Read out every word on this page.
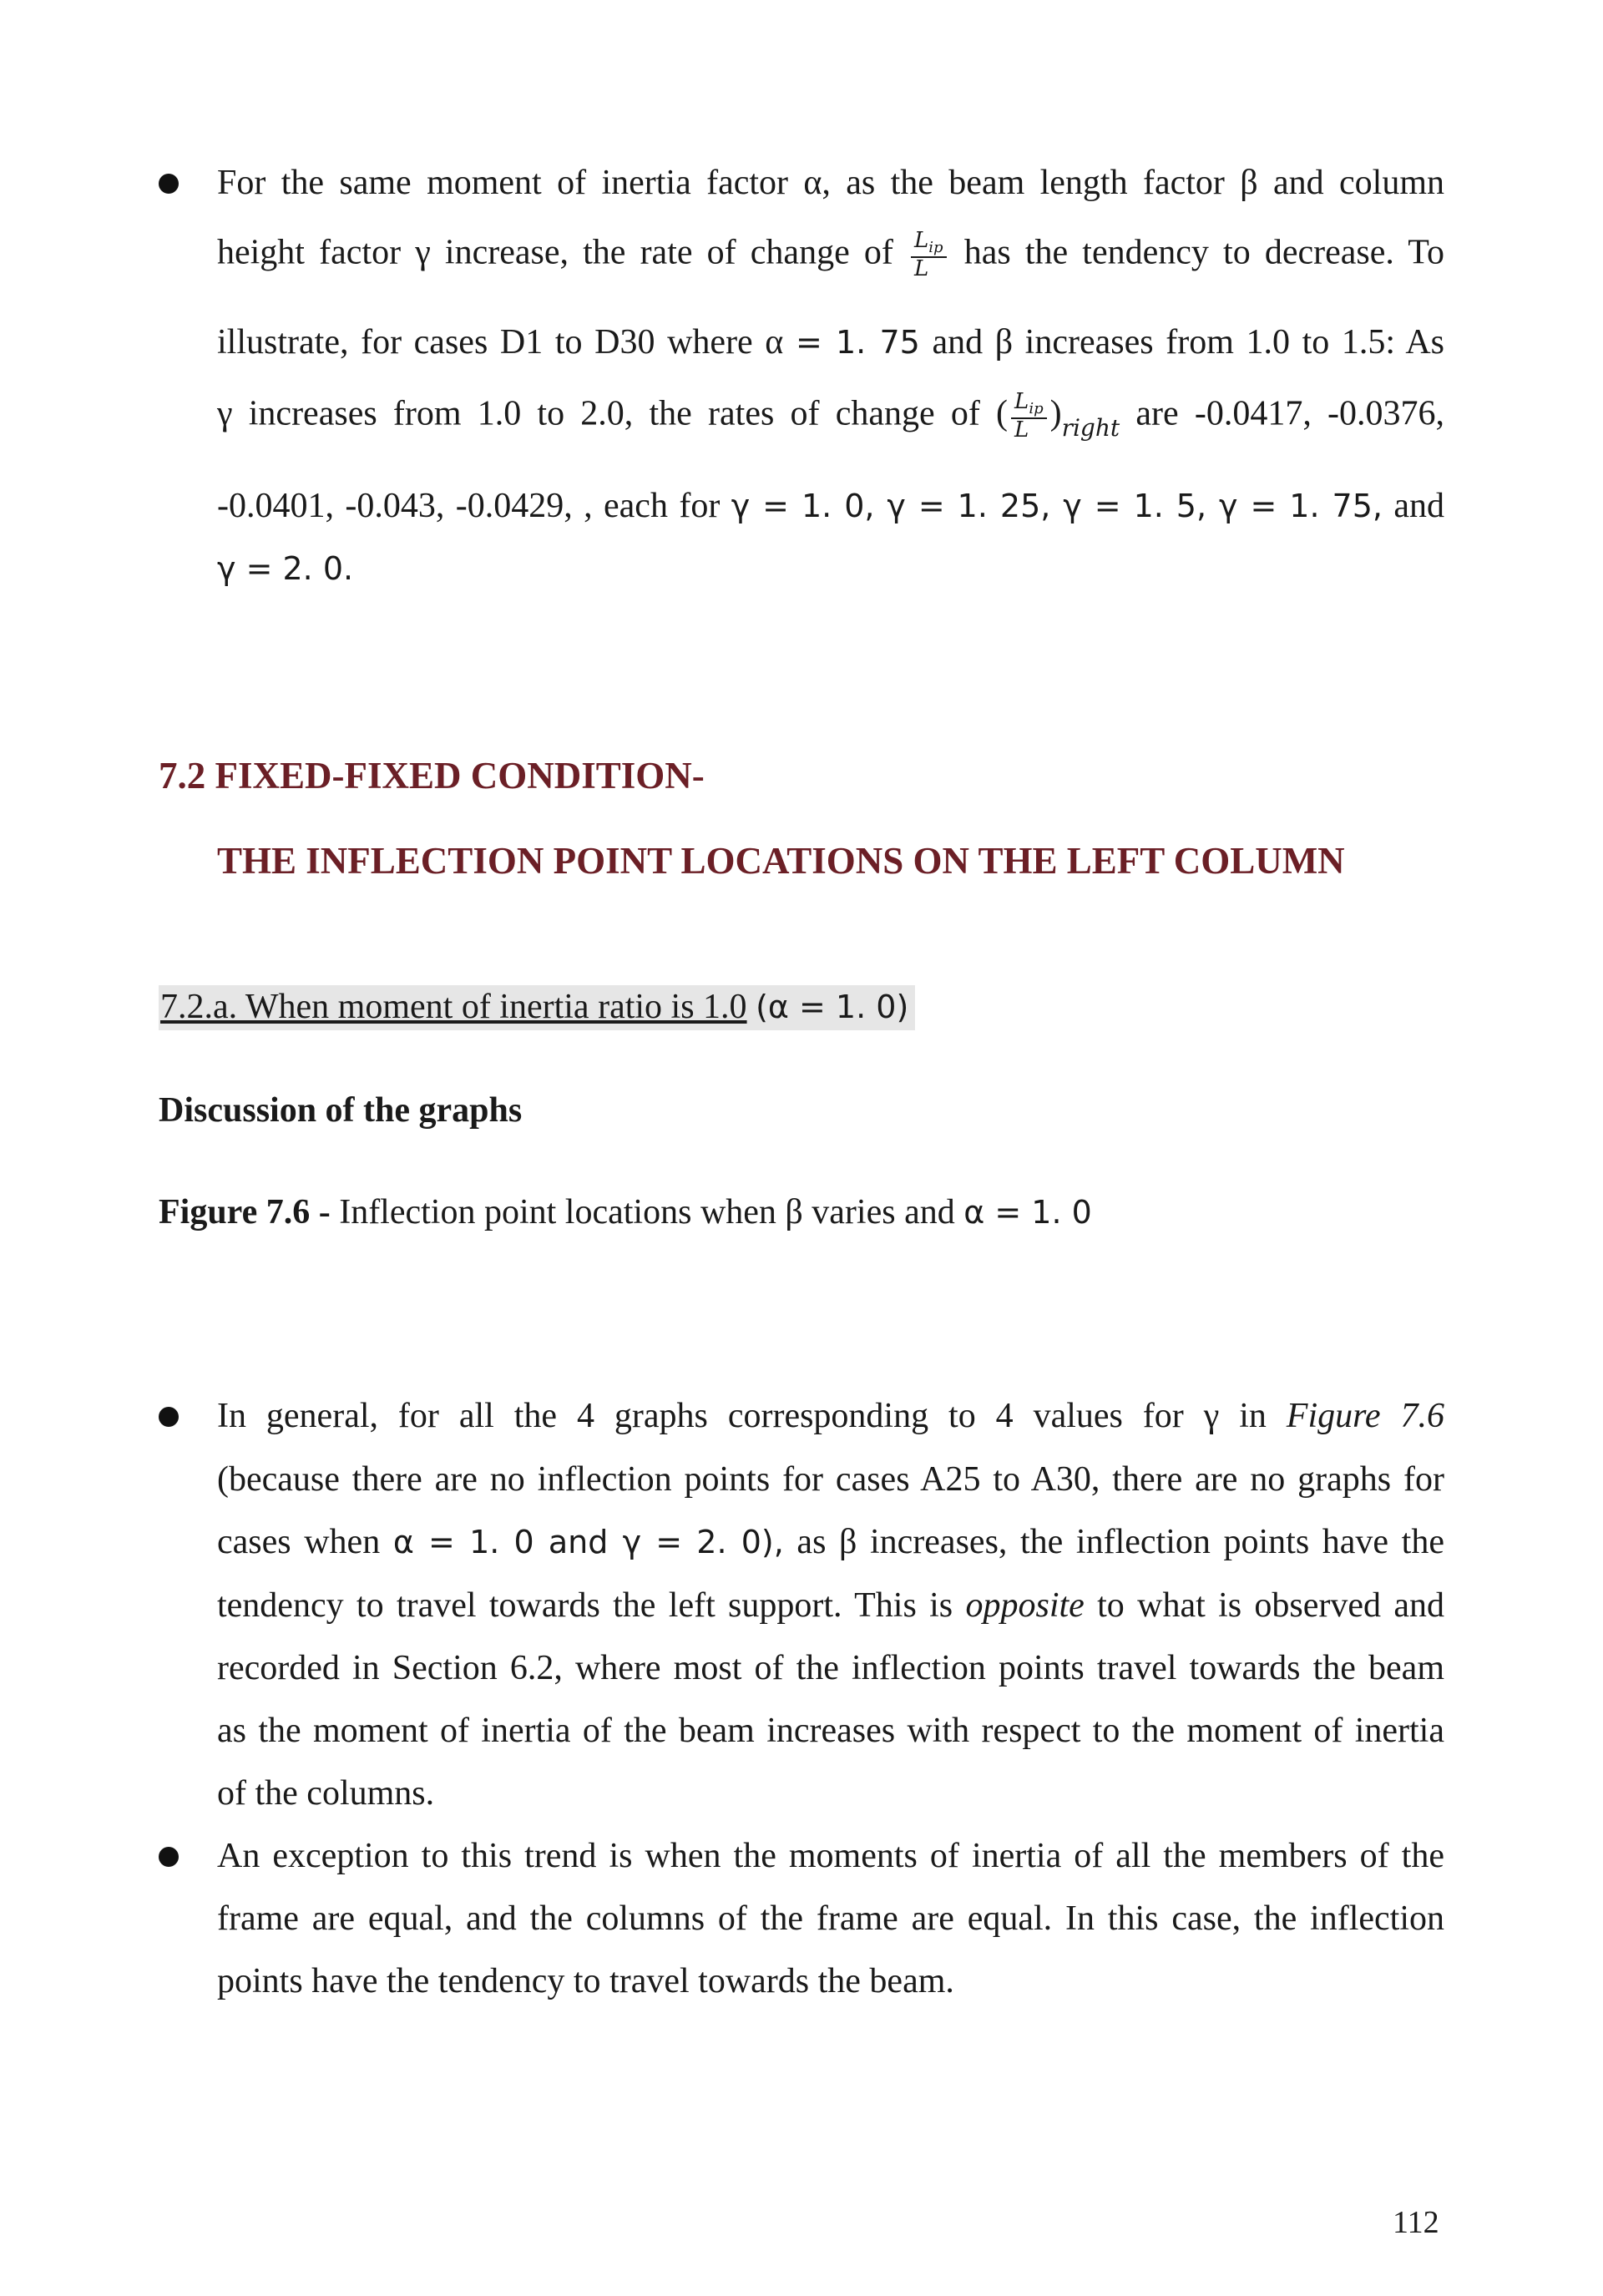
For the same moment of inertia factor α, as the beam length factor β and column
height factor γ increase, the rate of change of $\frac{L_{ip}}{L}$ has the tendency to decrease. To
illustrate, for cases D1 to D30 where α = 1. 75 and β increases from 1.0 to 1.5: As
γ increases from 1.0 to 2.0, the rates of change of ( $\frac{L_{ip}}{L} )_{right}$ are -0.0417, -0.0376,
-0.0401, -0.043, -0.0429, , each for γ = 1. 0, γ = 1. 25, γ = 1. 5, γ = 1. 75, and
γ = 2. 0.
7.2 FIXED-FIXED CONDITION-
THE INFLECTION POINT LOCATIONS ON THE LEFT COLUMN
7.2.a. When moment of inertia ratio is 1.0 (α = 1. 0)
Discussion of the graphs
Figure 7.6 - Inflection point locations when β varies and α = 1. 0
In general, for all the 4 graphs corresponding to 4 values for γ in Figure 7.6
(because there are no inflection points for cases A25 to A30, there are no graphs for
cases when α = 1. 0 and γ = 2. 0), as β increases, the inflection points have the
tendency to travel towards the left support. This is opposite to what is observed and
recorded in Section 6.2, where most of the inflection points travel towards the beam
as the moment of inertia of the beam increases with respect to the moment of inertia
of the columns.
An exception to this trend is when the moments of inertia of all the members of the
frame are equal, and the columns of the frame are equal. In this case, the inflection
points have the tendency to travel towards the beam.
112
